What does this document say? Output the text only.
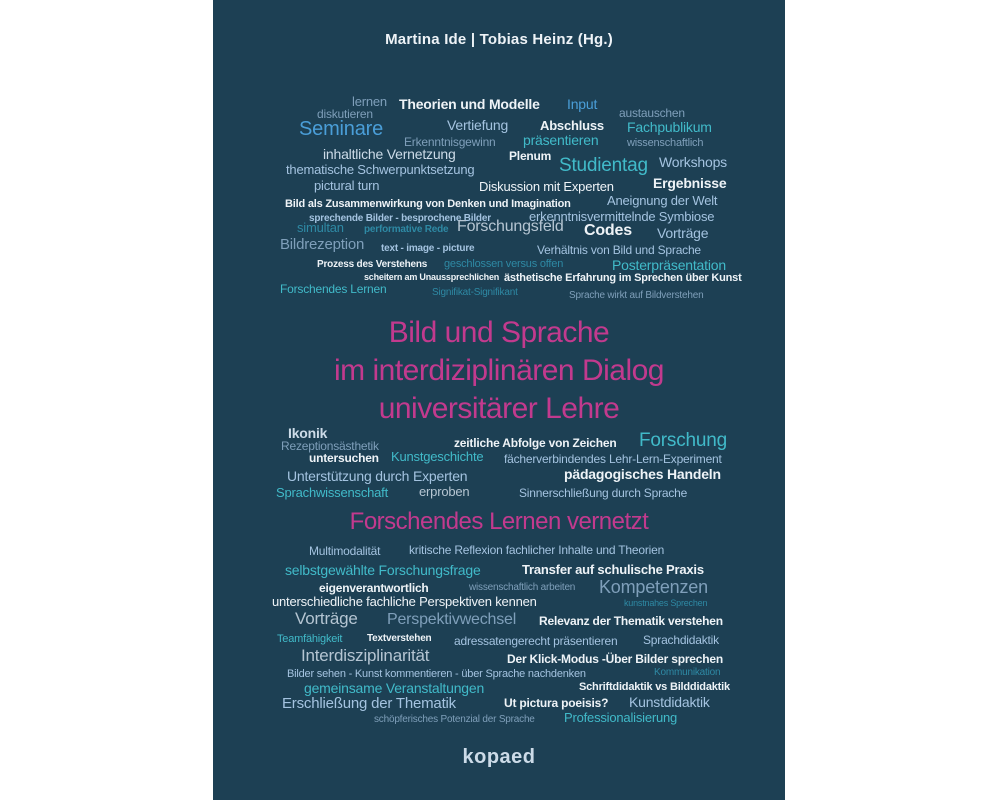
Martina Ide | Tobias Heinz (Hg.)
Bild und Sprache
im interdiziplinären Dialog
universitärer Lehre
Forschendes Lernen vernetzt
kopaed
lernen Theorien und Modelle Input
austauschen
diskutieren
Seminare	Vertiefung Abschluss Fachpublikum
Erkenntnisgewinn präsentieren	wissenschaftlich
inhaltliche Vernetzung	Plenum
thematische Schwerpunktsetzung	Studientag Workshops
pictural turn	Diskussion mit Experten	Ergebnisse
Bild als Zusammenwirkung von Denken und Imagination	Aneignung der Welt
sprechende Bilder - besprochene Bilder	erkenntnisvermittelnde Symbiose
simultan performative Rede Forschungsfeld Codes Vorträge
Bildrezeption text - image - picture	Verhältnis von Bild und Sprache
Prozess des Verstehens geschlossen versus offen	Posterpräsentation
scheitern am Unaussprechlichen ästhetische Erfahrung im Sprechen über Kunst
Forschendes Lernen	Signifikat-Signifikant	Sprache wirkt auf Bildverstehen
Ikonik
Rezeptionsästhetik	zeitliche Abfolge von Zeichen Forschung
untersuchen Kunstgeschichte fächerverbindendes Lehr-Lern-Experiment
Unterstützung durch Experten	pädagogisches Handeln
Sprachwissenschaft erproben	Sinnerschließung durch Sprache
Multimodalität kritische Reflexion fachlicher Inhalte und Theorien
selbstgewählte Forschungsfrage	Transfer auf schulische Praxis
eigenverantwortlich	wissenschaftlich arbeiten Kompetenzen
unterschiedliche fachliche Perspektiven kennen	kunstnahes Sprechen
Vorträge Perspektivwechsel Relevanz der Thematik verstehen
Teamfähigkeit Textverstehen adressatengerecht präsentieren Sprachdidaktik
Interdisziplinarität	Der Klick-Modus -Über Bilder sprechen
Bilder sehen - Kunst kommentieren - über Sprache nachdenken	Kommunikation
gemeinsame Veranstaltungen	Schriftdidaktik vs Bilddidaktik
Erschließung der Thematik	Ut pictura poeisis? Kunstdidaktik
schöpferisches Potenzial der Sprache Professionalisierung
